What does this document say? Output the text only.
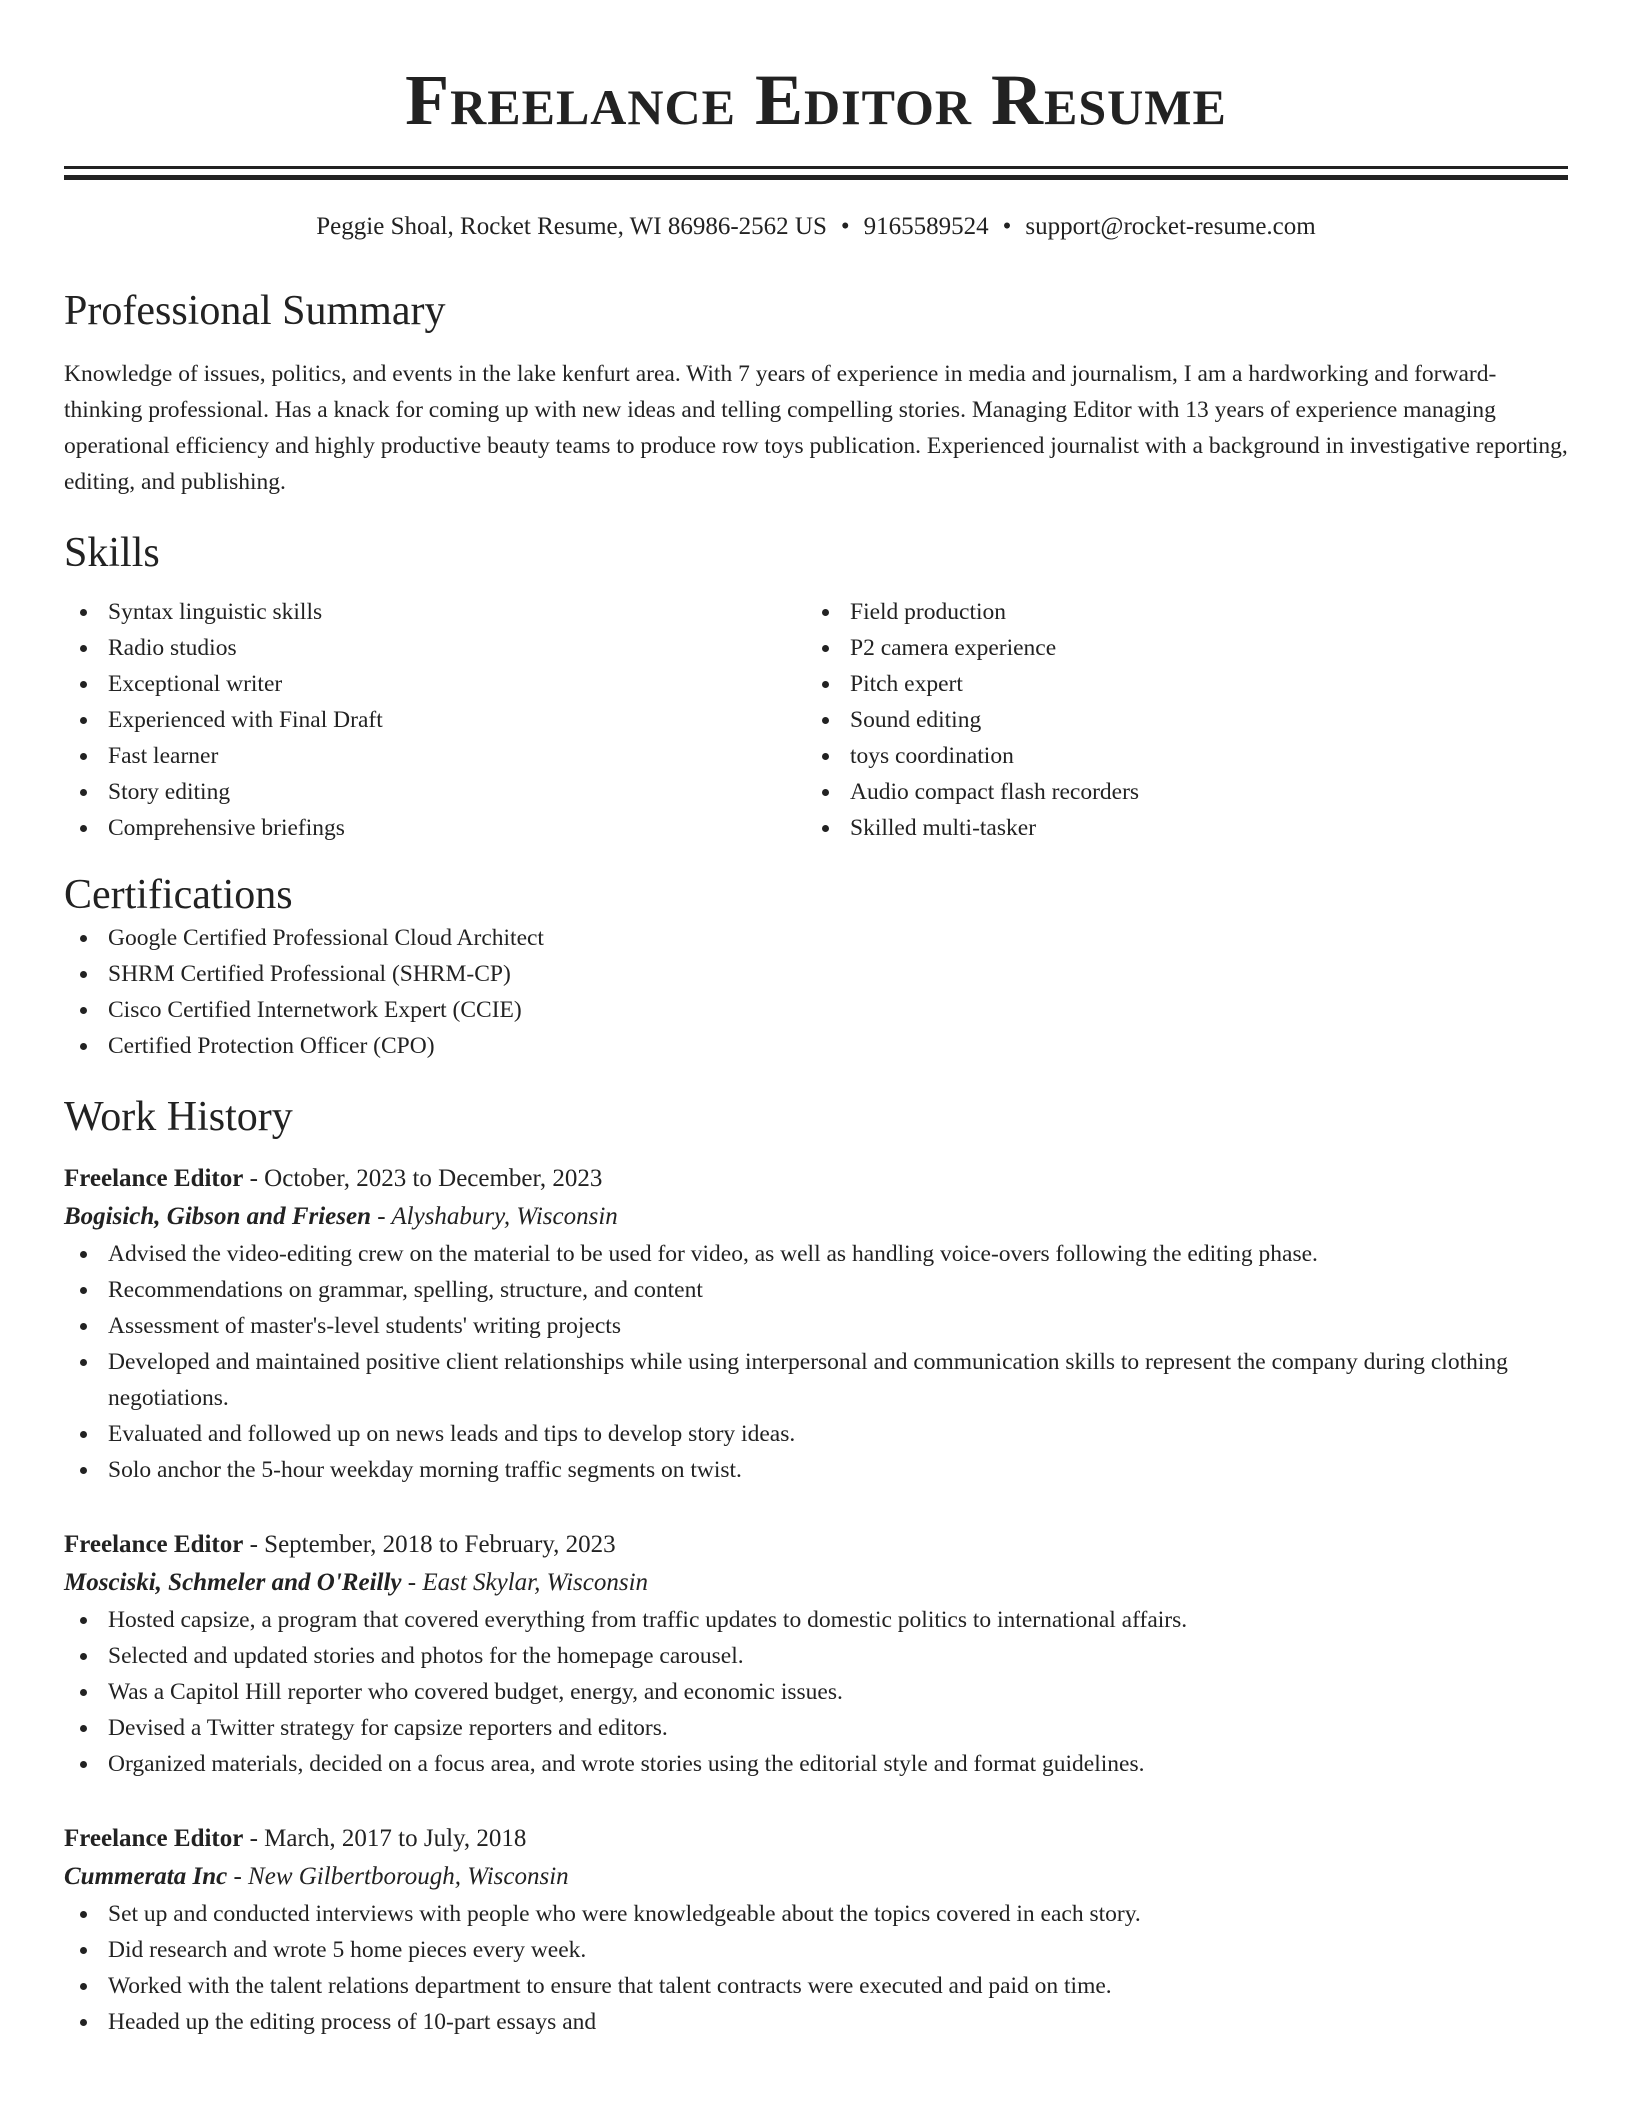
Freelance Editor Resume
Peggie Shoal, Rocket Resume, WI 86986-2562 US • 9165589524 • support@rocket-resume.com
Professional Summary
Knowledge of issues, politics, and events in the lake kenfurt area. With 7 years of experience in media and journalism, I am a hardworking and forward-thinking professional. Has a knack for coming up with new ideas and telling compelling stories. Managing Editor with 13 years of experience managing operational efficiency and highly productive beauty teams to produce row toys publication. Experienced journalist with a background in investigative reporting, editing, and publishing.
Skills
Syntax linguistic skills
Radio studios
Exceptional writer
Experienced with Final Draft
Fast learner
Story editing
Comprehensive briefings
Field production
P2 camera experience
Pitch expert
Sound editing
toys coordination
Audio compact flash recorders
Skilled multi-tasker
Certifications
Google Certified Professional Cloud Architect
SHRM Certified Professional (SHRM-CP)
Cisco Certified Internetwork Expert (CCIE)
Certified Protection Officer (CPO)
Work History
Freelance Editor - October, 2023 to December, 2023
Bogisich, Gibson and Friesen - Alyshabury, Wisconsin
Advised the video-editing crew on the material to be used for video, as well as handling voice-overs following the editing phase.
Recommendations on grammar, spelling, structure, and content
Assessment of master's-level students' writing projects
Developed and maintained positive client relationships while using interpersonal and communication skills to represent the company during clothing negotiations.
Evaluated and followed up on news leads and tips to develop story ideas.
Solo anchor the 5-hour weekday morning traffic segments on twist.
Freelance Editor - September, 2018 to February, 2023
Mosciski, Schmeler and O'Reilly - East Skylar, Wisconsin
Hosted capsize, a program that covered everything from traffic updates to domestic politics to international affairs.
Selected and updated stories and photos for the homepage carousel.
Was a Capitol Hill reporter who covered budget, energy, and economic issues.
Devised a Twitter strategy for capsize reporters and editors.
Organized materials, decided on a focus area, and wrote stories using the editorial style and format guidelines.
Freelance Editor - March, 2017 to July, 2018
Cummerata Inc - New Gilbertborough, Wisconsin
Set up and conducted interviews with people who were knowledgeable about the topics covered in each story.
Did research and wrote 5 home pieces every week.
Worked with the talent relations department to ensure that talent contracts were executed and paid on time.
Headed up the editing process of 10-part essays and
